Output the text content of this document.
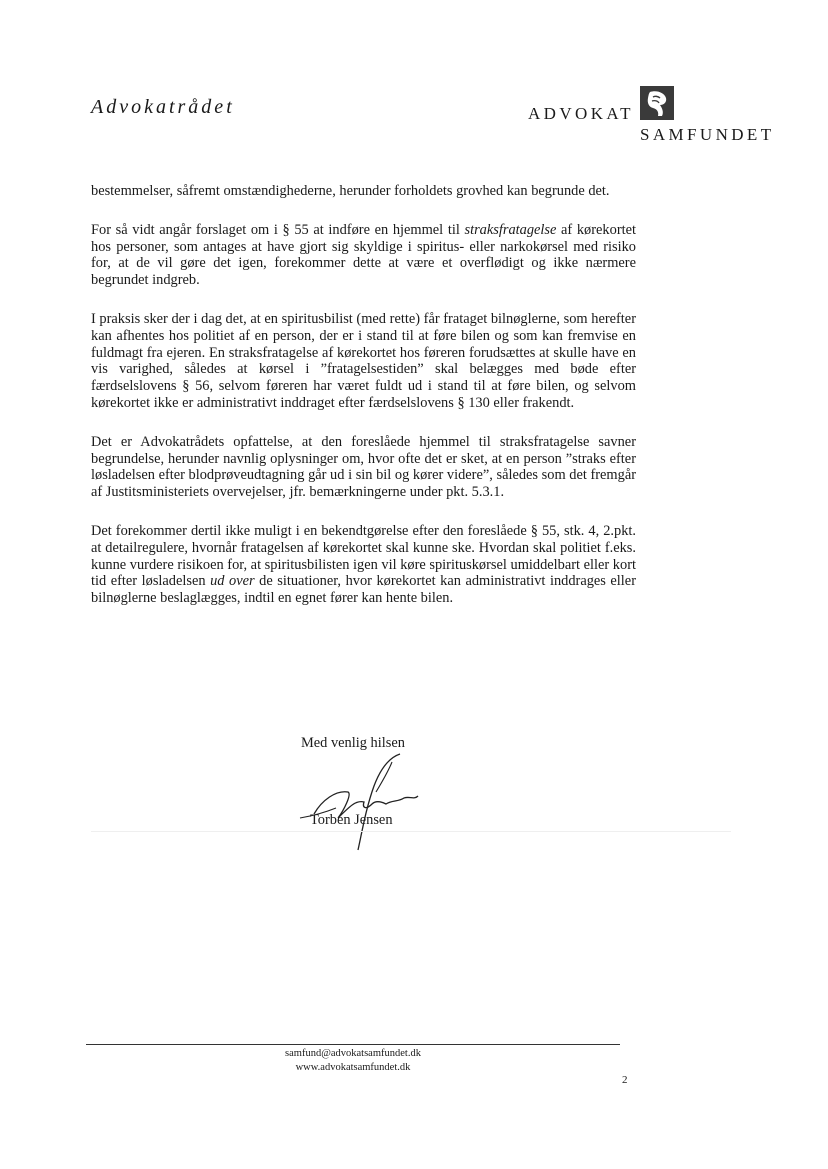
Advokatrådet	ADVOKAT
SAMFUNDET

bestemmelser, såfremt omstændighederne, herunder forholdets grovhed kan begrunde det.

For så vidt angår forslaget om i § 55 at indføre en hjemmel til straksfratagelse af kørekortet hos personer, som antages at have gjort sig skyldige i spiritus- eller narkokørsel med risiko for, at de vil gøre det igen, forekommer dette at være et overflødigt og ikke nærmere begrundet indgreb.

I praksis sker der i dag det, at en spiritusbilist (med rette) får frataget bilnøglerne, som herefter kan afhentes hos politiet af en person, der er i stand til at føre bilen og som kan fremvise en fuldmagt fra ejeren. En straksfratagelse af kørekortet hos føreren forudsættes at skulle have en vis varighed, således at kørsel i ”fratagelsestiden” skal belægges med bøde efter færdselslovens § 56, selvom føreren har været fuldt ud i stand til at føre bilen, og selvom kørekortet ikke er administrativt inddraget efter færdselslovens § 130 eller frakendt.

Det er Advokatrådets opfattelse, at den foreslåede hjemmel til straksfratagelse savner begrundelse, herunder navnlig oplysninger om, hvor ofte det er sket, at en person ”straks efter løsladelsen efter blodprøveudtagning går ud i sin bil og kører videre”, således som det fremgår af Justitsministeriets overvejelser, jfr. bemærkningerne under pkt. 5.3.1.

Det forekommer dertil ikke muligt i en bekendtgørelse efter den foreslåede § 55, stk. 4, 2.pkt. at detailregulere, hvornår fratagelsen af kørekortet skal kunne ske. Hvordan skal politiet f.eks. kunne vurdere risikoen for, at spiritusbilisten igen vil køre spirituskørsel umiddelbart eller kort tid efter løsladelsen ud over de situationer, hvor kørekortet kan administrativt inddrages eller bilnøglerne beslaglægges, indtil en egnet fører kan hente bilen.

Med venlig hilsen
Torben Jensen
samfund@advokatsamfundet.dk
www.advokatsamfundet.dk
2
